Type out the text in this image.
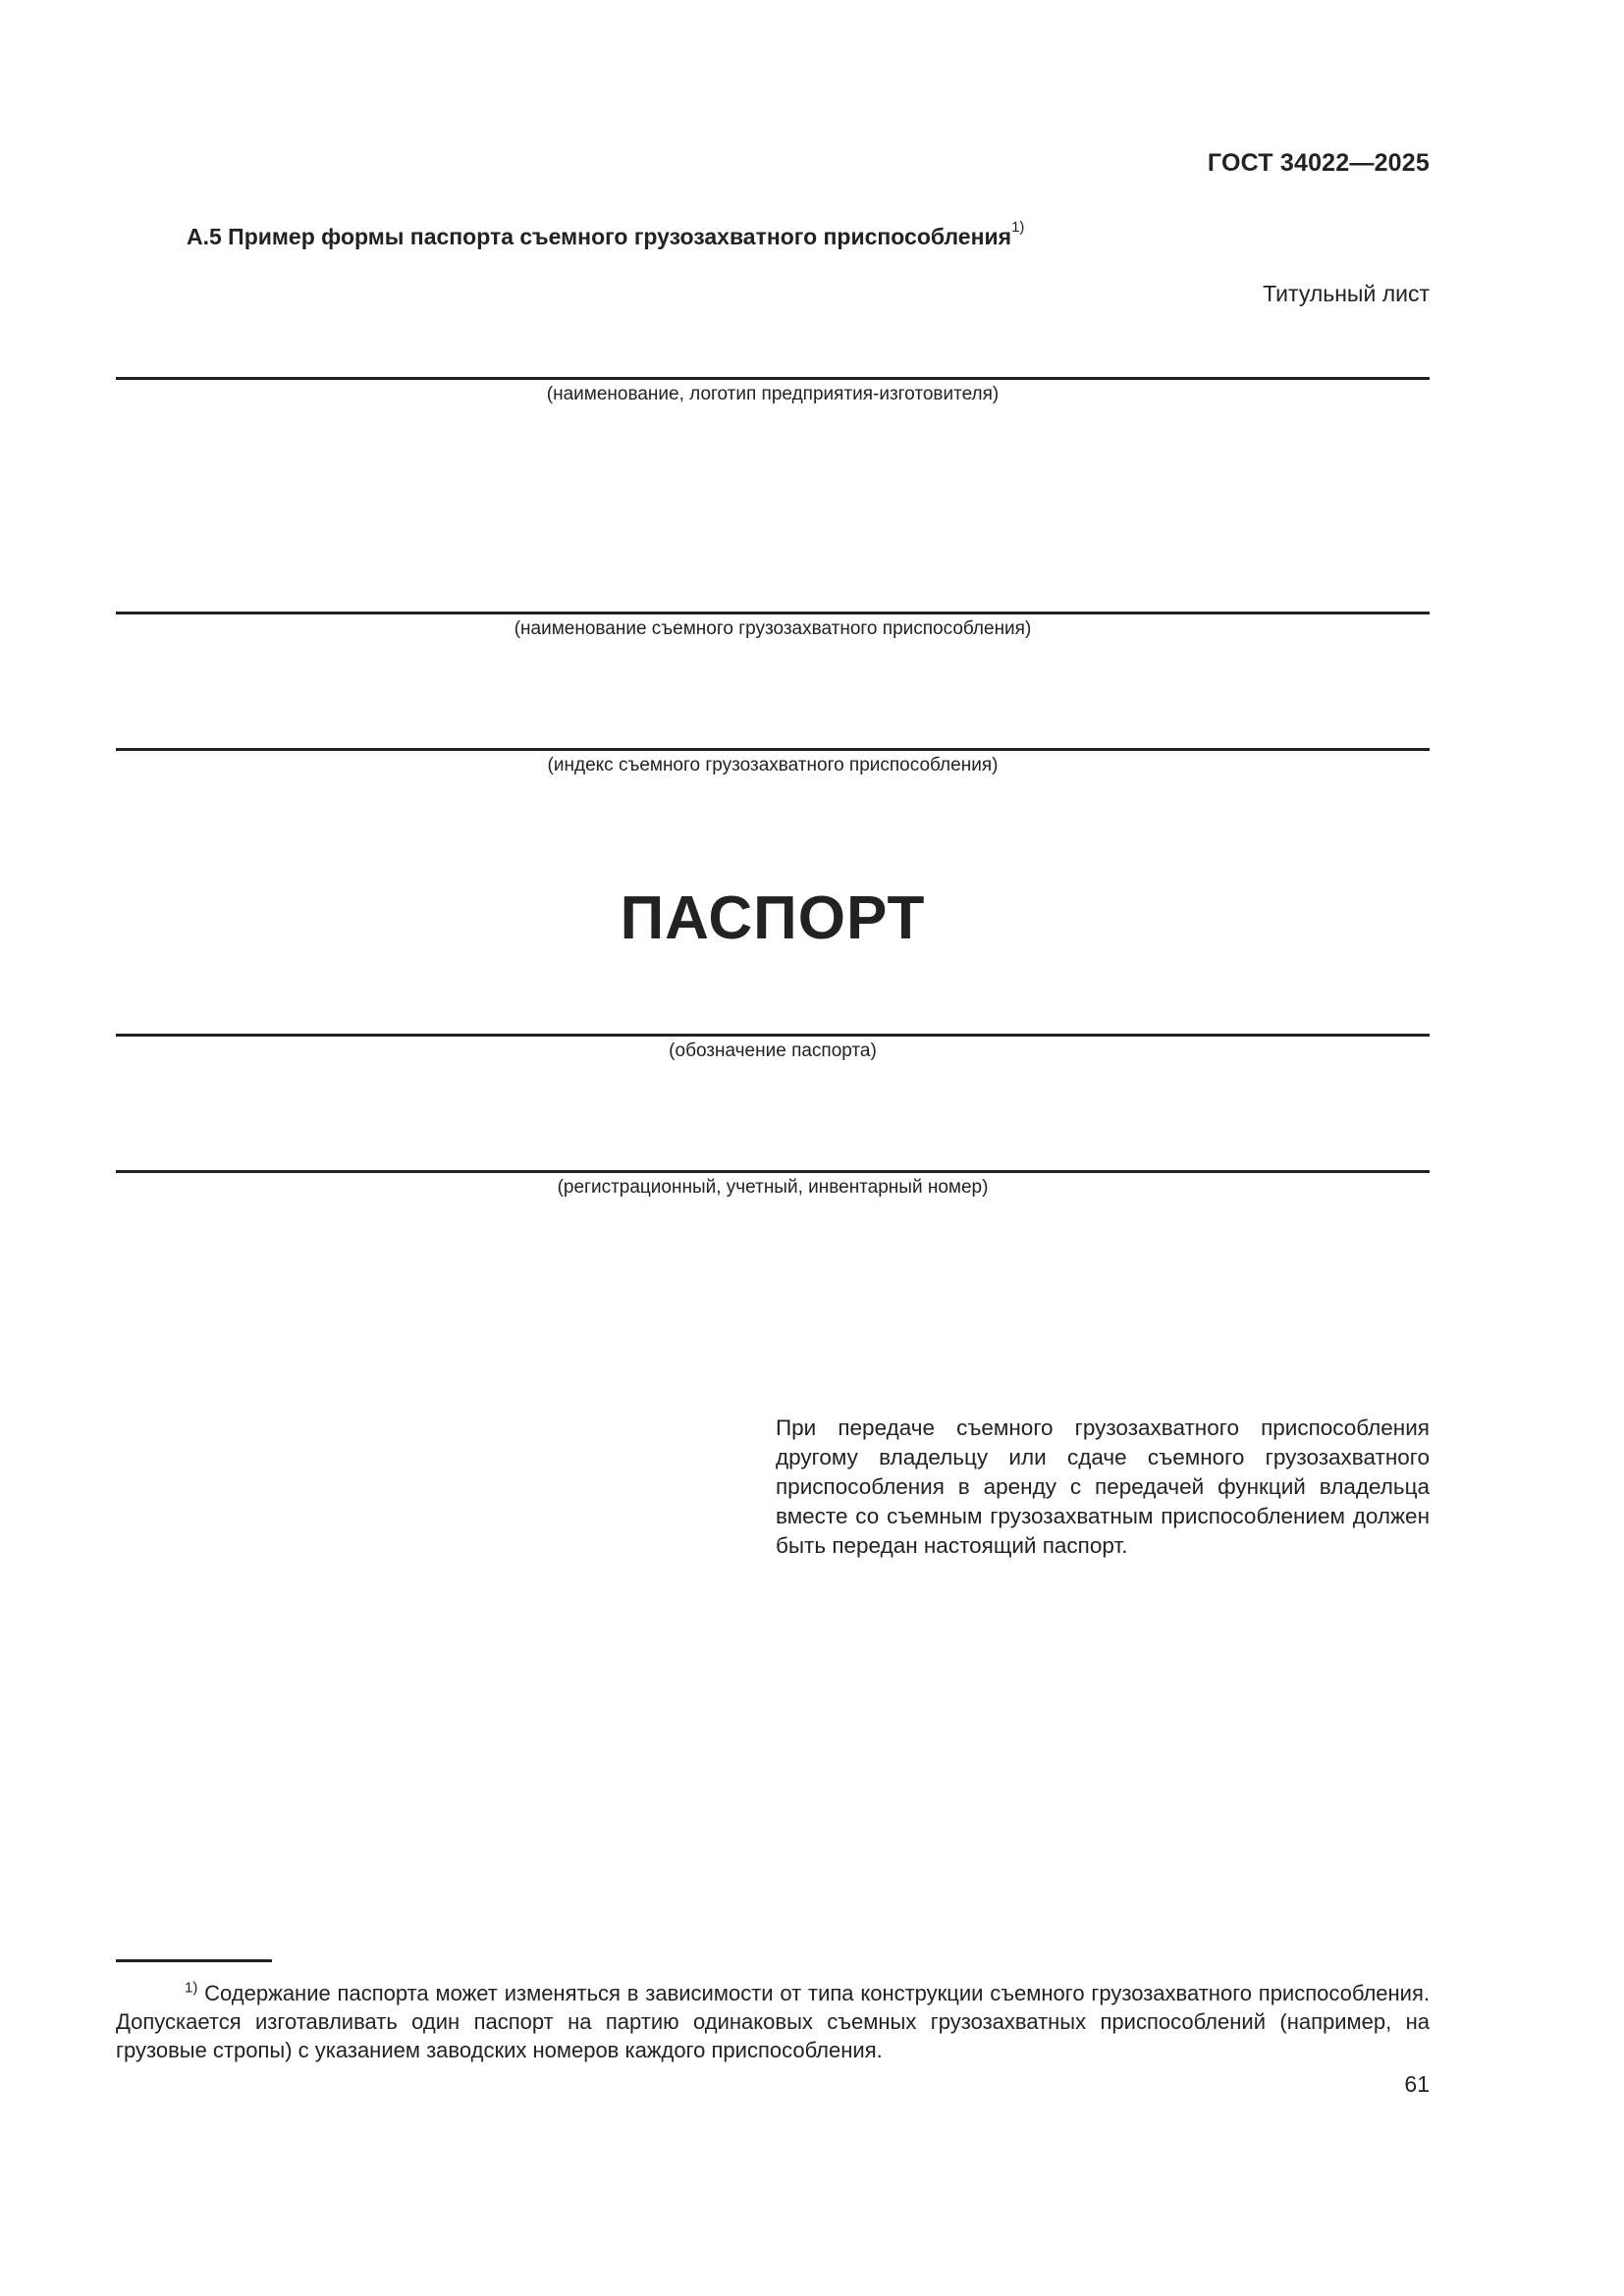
ГОСТ 34022—2025
А.5 Пример формы паспорта съемного грузозахватного приспособления$^{1)}$
Титульный лист
(наименование, логотип предприятия-изготовителя)
(наименование съемного грузозахватного приспособления)
(индекс съемного грузозахватного приспособления)
ПАСПОРТ
(обозначение паспорта)
(регистрационный, учетный, инвентарный номер)
При передаче съемного грузозахватного приспособления другому владельцу или сдаче съемного грузозахватного приспособления в аренду с передачей функций владельца вместе со съемным грузозахватным приспособлением должен быть передан настоящий паспорт.
$^{1)}$ Содержание паспорта может изменяться в зависимости от типа конструкции съемного грузозахватного приспособления. Допускается изготавливать один паспорт на партию одинаковых съемных грузозахватных приспособлений (например, на грузовые стропы) с указанием заводских номеров каждого приспособления.
61
